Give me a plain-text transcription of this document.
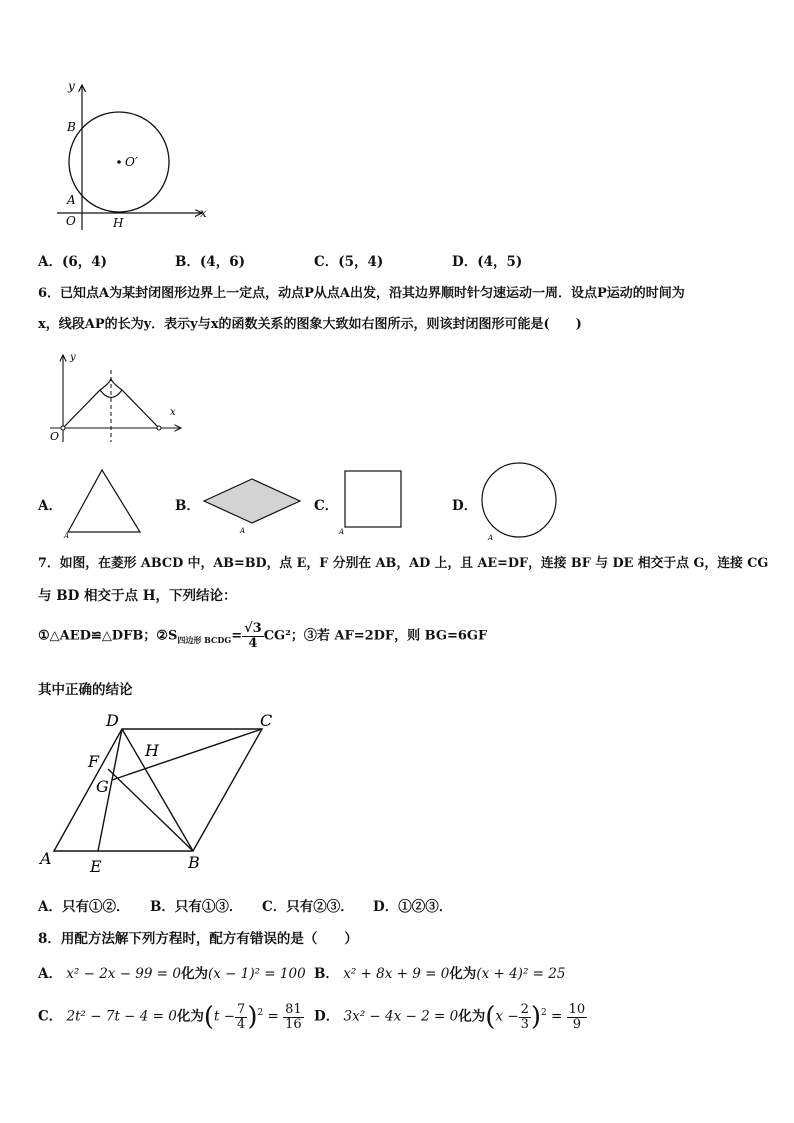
y
x
B
A
O	H
O′
A．(6，4)	B．(4，6)	C．(5，4)	D．(4，5)
6．已知点A为某封闭图形边界上一定点，动点P从点A出发，沿其边界顺时针匀速运动一周．设点P运动的时间为
x，线段AP的长为y．表示y与x的函数关系的图象大致如右图所示，则该封闭图形可能是(　　)
y
x
O
A．
A
B．
A
C．
A
D．
A
7．如图，在菱形 ABCD 中，AB=BD，点 E，F 分别在 AB，AD 上，且 AE=DF，连接 BF 与 DE 相交于点 G，连接 CG
与 BD 相交于点 H，下列结论：
①△AED≌△DFB；$②S_{四边形 BCDG}= \frac{√3}{4} CG^2$；③若 AF=2DF，则 BG=6GF
其中正确的结论
D	C
H
F
G
A E	B
A．只有①②． B．只有①③． C．只有②③． D．①②③．
8．用配方法解下列方程时，配方有错误的是（　　）
A． x² − 2x − 99 = 0化为(x − 1)² = 100 B． x² + 8x + 9 = 0化为(x + 4)² = 25
C． 2t² − 7t − 4 = 0化为$(t - \frac{7}{4} )^2 = \frac{81}{16}$ D． 3x² − 4x − 2 = 0化为$(x - \frac{2}{3} )^2 = \frac{10}{9}$
